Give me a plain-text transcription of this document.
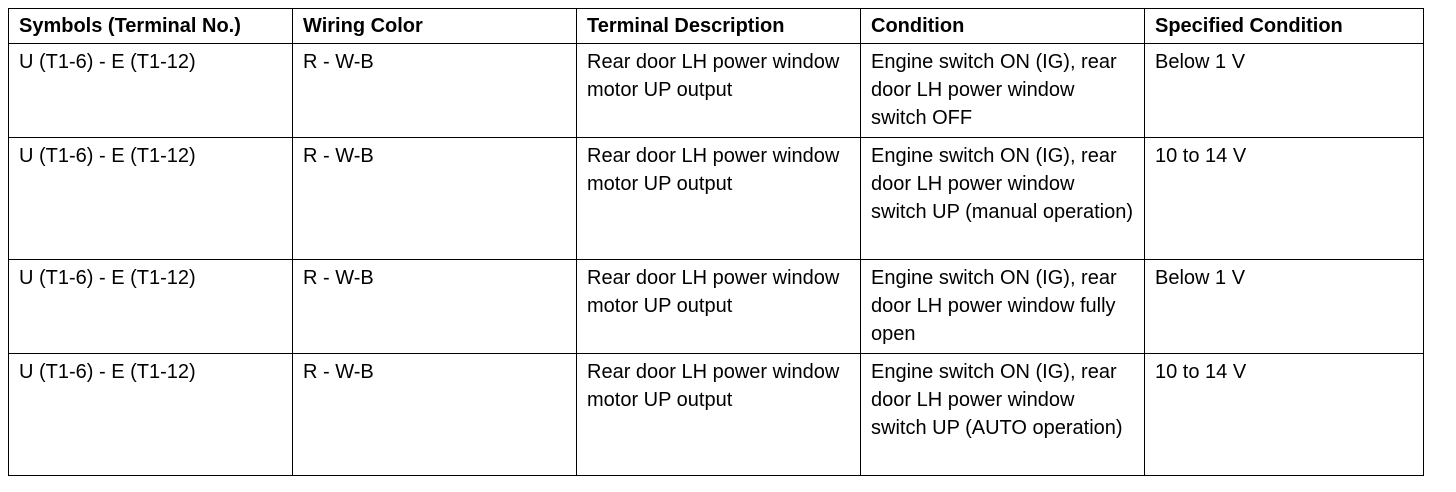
Symbols (Terminal No.)	Wiring Color	Terminal Description	Condition	Specified Condition
U (T1-6) - E (T1-12)	R - W-B	Rear door LH power window motor UP output	Engine switch ON (IG), rear door LH power window switch OFF	Below 1 V
U (T1-6) - E (T1-12)	R - W-B	Rear door LH power window motor UP output	Engine switch ON (IG), rear door LH power window switch UP (manual operation)	10 to 14 V
U (T1-6) - E (T1-12)	R - W-B	Rear door LH power window motor UP output	Engine switch ON (IG), rear door LH power window fully open	Below 1 V
U (T1-6) - E (T1-12)	R - W-B	Rear door LH power window motor UP output	Engine switch ON (IG), rear door LH power window switch UP (AUTO operation)	10 to 14 V
